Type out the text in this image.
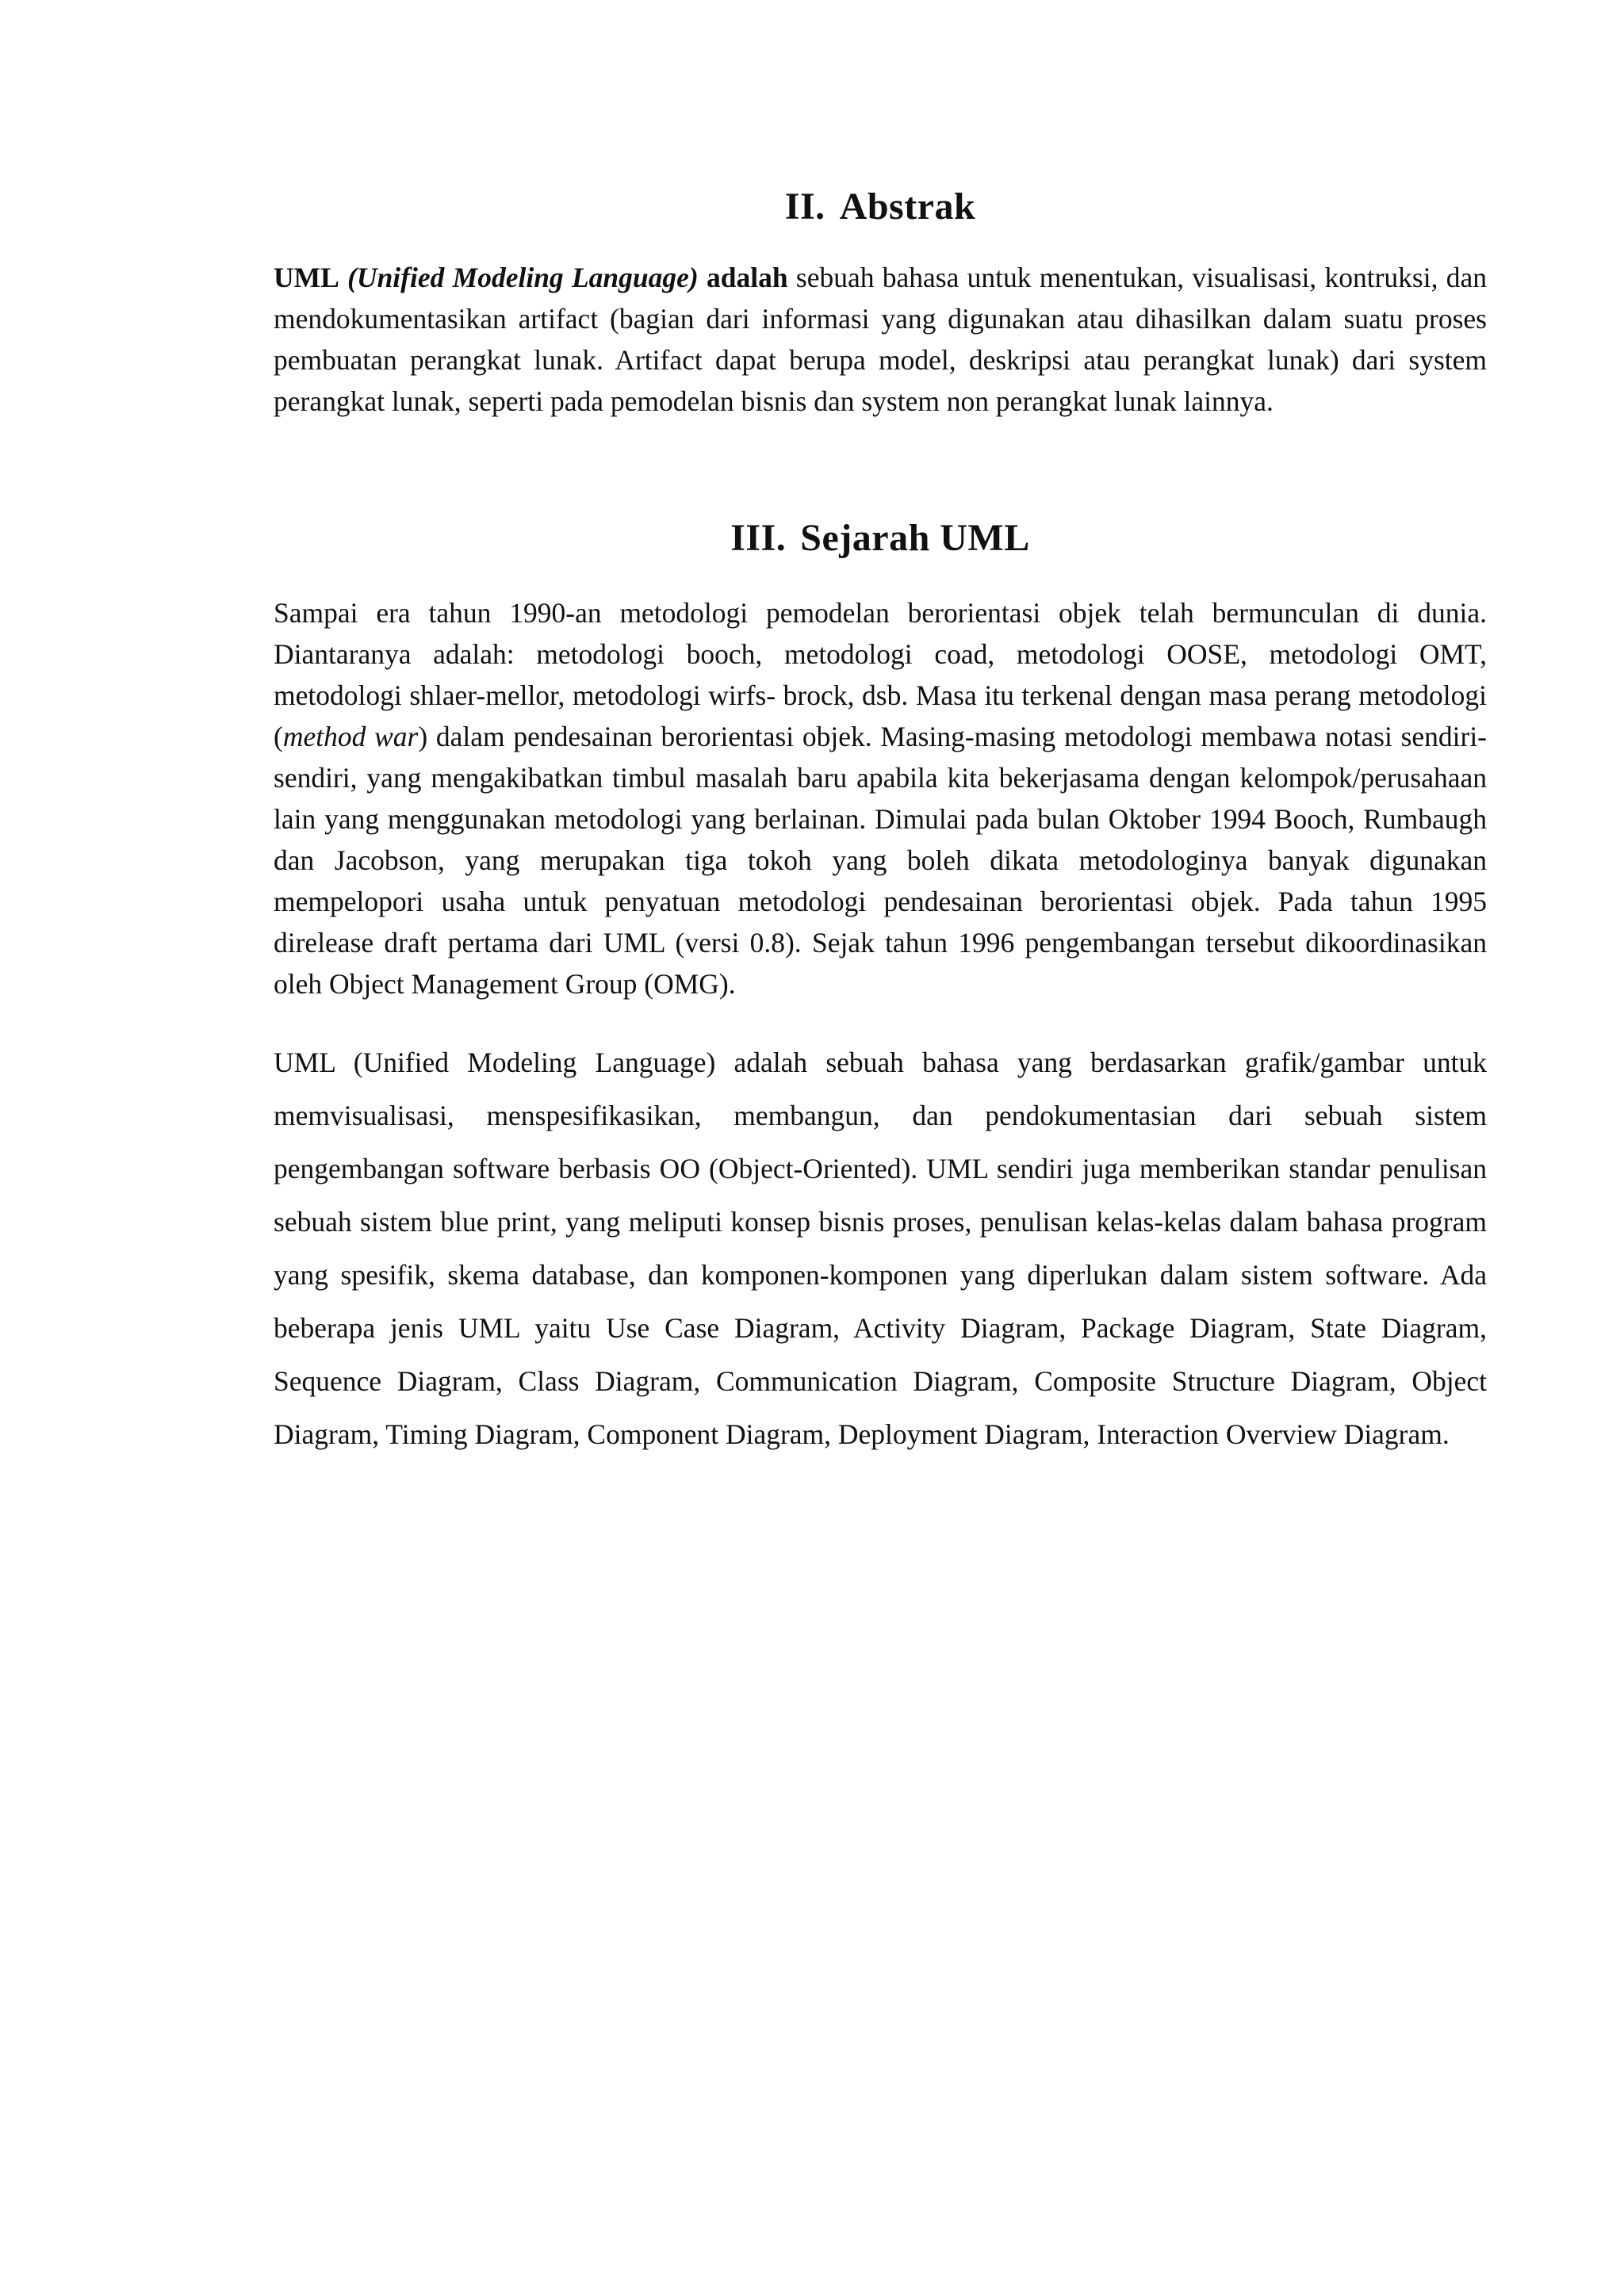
II. Abstrak

UML (Unified Modeling Language) adalah sebuah bahasa untuk menentukan, visualisasi, kontruksi, dan mendokumentasikan artifact (bagian dari informasi yang digunakan atau dihasilkan dalam suatu proses pembuatan perangkat lunak. Artifact dapat berupa model, deskripsi atau perangkat lunak) dari system perangkat lunak, seperti pada pemodelan bisnis dan system non perangkat lunak lainnya.

III. Sejarah UML

Sampai era tahun 1990-an metodologi pemodelan berorientasi objek telah bermunculan di dunia. Diantaranya adalah: metodologi booch, metodologi coad, metodologi OOSE, metodologi OMT, metodologi shlaer-mellor, metodologi wirfs- brock, dsb. Masa itu terkenal dengan masa perang metodologi (method war) dalam pendesainan berorientasi objek. Masing-masing metodologi membawa notasi sendiri- sendiri, yang mengakibatkan timbul masalah baru apabila kita bekerjasama dengan kelompok/perusahaan lain yang menggunakan metodologi yang berlainan. Dimulai pada bulan Oktober 1994 Booch, Rumbaugh dan Jacobson, yang merupakan tiga tokoh yang boleh dikata metodologinya banyak digunakan mempelopori usaha untuk penyatuan metodologi pendesainan berorientasi objek. Pada tahun 1995 direlease draft pertama dari UML (versi 0.8). Sejak tahun 1996 pengembangan tersebut dikoordinasikan oleh Object Management Group (OMG).

UML (Unified Modeling Language) adalah sebuah bahasa yang berdasarkan grafik/gambar untuk memvisualisasi, menspesifikasikan, membangun, dan pendokumentasian dari sebuah sistem pengembangan software berbasis OO (Object-Oriented). UML sendiri juga memberikan standar penulisan sebuah sistem blue print, yang meliputi konsep bisnis proses, penulisan kelas-kelas dalam bahasa program yang spesifik, skema database, dan komponen-komponen yang diperlukan dalam sistem software. Ada beberapa jenis UML yaitu Use Case Diagram, Activity Diagram, Package Diagram, State Diagram, Sequence Diagram, Class Diagram, Communication Diagram, Composite Structure Diagram, Object Diagram, Timing Diagram, Component Diagram, Deployment Diagram, Interaction Overview Diagram.
